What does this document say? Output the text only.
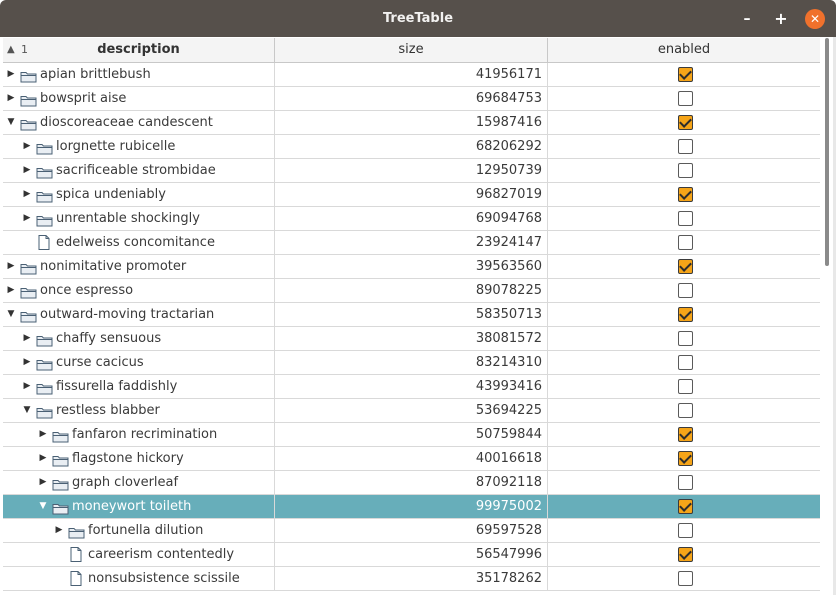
TreeTable	–	+	✕
▲ 1	description	size	enabled
▶ apian brittlebush	41956171
▶ bowsprit aise	69684753
▼ dioscoreaceae candescent	15987416
▶ lorgnette rubicelle	68206292
▶ sacrificeable strombidae	12950739
▶ spica undeniably	96827019
▶ unrentable shockingly	69094768
edelweiss concomitance	23924147
▶ nonimitative promoter	39563560
▶ once espresso	89078225
▼ outward-moving tractarian	58350713
▶ chaffy sensuous	38081572
▶ curse cacicus	83214310
▶ fissurella faddishly	43993416
▼ restless blabber	53694225
▶ fanfaron recrimination	50759844
▶ flagstone hickory	40016618
▶ graph cloverleaf	87092118
▼ moneywort toileth	99975002
▶ fortunella dilution	69597528
careerism contentedly	56547996
nonsubsistence scissile	35178262
